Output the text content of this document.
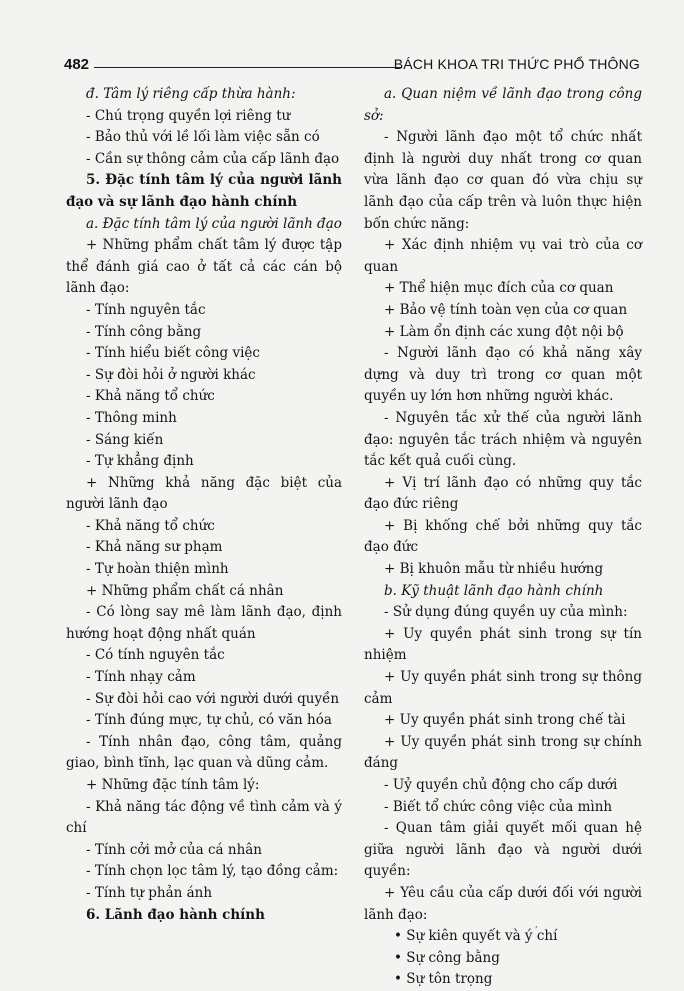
482	BÁCH KHOA TRI THỨC PHỔ THÔNG

đ. Tâm lý riêng cấp thừa hành:

- Chú trọng quyền lợi riêng tư

- Bảo thủ với lề lối làm việc sẵn có

- Cần sự thông cảm của cấp lãnh đạo

5. Đặc tính tâm lý của người lãnh đạo và sự lãnh đạo hành chính

a. Đặc tính tâm lý của người lãnh đạo

+ Những phẩm chất tâm lý được tập thể đánh giá cao ở tất cả các cán bộ lãnh đạo:

- Tính nguyên tắc

- Tính công bằng

- Tính hiểu biết công việc

- Sự đòi hỏi ở người khác

- Khả năng tổ chức

- Thông minh

- Sáng kiến

- Tự khẳng định

+ Những khả năng đặc biệt của người lãnh đạo

- Khả năng tổ chức

- Khả năng sư phạm

- Tự hoàn thiện mình

+ Những phẩm chất cá nhân

- Có lòng say mê làm lãnh đạo, định hướng hoạt động nhất quán

- Có tính nguyên tắc

- Tính nhạy cảm

- Sự đòi hỏi cao với người dưới quyền

- Tính đúng mực, tự chủ, có văn hóa

- Tính nhân đạo, công tâm, quảng giao, bình tĩnh, lạc quan và dũng cảm.

+ Những đặc tính tâm lý:

- Khả năng tác động về tình cảm và ý chí

- Tính cởi mở của cá nhân

- Tính chọn lọc tâm lý, tạo đồng cảm:

- Tính tự phản ánh

6. Lãnh đạo hành chính

a. Quan niệm về lãnh đạo trong công sở:

- Người lãnh đạo một tổ chức nhất định là người duy nhất trong cơ quan vừa lãnh đạo cơ quan đó vừa chịu sự lãnh đạo của cấp trên và luôn thực hiện bốn chức năng:

+ Xác định nhiệm vụ vai trò của cơ quan

+ Thể hiện mục đích của cơ quan

+ Bảo vệ tính toàn vẹn của cơ quan

+ Làm ổn định các xung đột nội bộ

- Người lãnh đạo có khả năng xây dựng và duy trì trong cơ quan một quyền uy lớn hơn những người khác.

- Nguyên tắc xử thế của người lãnh đạo: nguyên tắc trách nhiệm và nguyên tắc kết quả cuối cùng.

+ Vị trí lãnh đạo có những quy tắc đạo đức riêng

+ Bị khống chế bởi những quy tắc đạo đức

+ Bị khuôn mẫu từ nhiều hướng

b. Kỹ thuật lãnh đạo hành chính

- Sử dụng đúng quyền uy của mình:

+ Uy quyền phát sinh trong sự tín nhiệm

+ Uy quyền phát sinh trong sự thông cảm

+ Uy quyền phát sinh trong chế tài

+ Uy quyền phát sinh trong sự chính đáng

- Uỷ quyền chủ động cho cấp dưới

- Biết tổ chức công việc của mình

- Quan tâm giải quyết mối quan hệ giữa người lãnh đạo và người dưới quyền:

+ Yêu cầu của cấp dưới đối với người lãnh đạo:

• Sự kiên quyết và ý chí

• Sự công bằng

• Sự tôn trọng

,
